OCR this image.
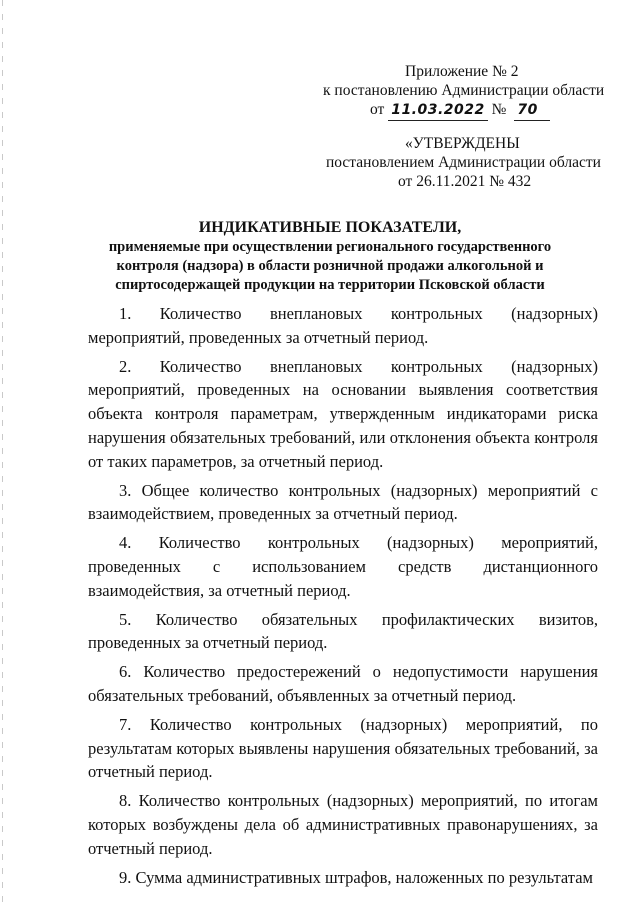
Приложение № 2
к постановлению Администрации области
от 11.03.2022 № 70
«УТВЕРЖДЕНЫ
постановлением Администрации области
от 26.11.2021 № 432
ИНДИКАТИВНЫЕ ПОКАЗАТЕЛИ,
применяемые при осуществлении регионального государственного
контроля (надзора) в области розничной продажи алкогольной и
спиртосодержащей продукции на территории Псковской области

1. Количество внеплановых контрольных (надзорных) мероприятий, проведенных за отчетный период.

2. Количество внеплановых контрольных (надзорных) мероприятий, проведенных на основании выявления соответствия объекта контроля параметрам, утвержденным индикаторами риска нарушения обязательных требований, или отклонения объекта контроля от таких параметров, за отчетный период.

3. Общее количество контрольных (надзорных) мероприятий с взаимодействием, проведенных за отчетный период.

4. Количество контрольных (надзорных) мероприятий, проведенных с использованием средств дистанционного взаимодействия, за отчетный период.

5. Количество обязательных профилактических визитов, проведенных за отчетный период.

6. Количество предостережений о недопустимости нарушения обязательных требований, объявленных за отчетный период.

7. Количество контрольных (надзорных) мероприятий, по результатам которых выявлены нарушения обязательных требований, за отчетный период.

8. Количество контрольных (надзорных) мероприятий, по итогам которых возбуждены дела об административных правонарушениях, за отчетный период.

9. Сумма административных штрафов, наложенных по результатам
